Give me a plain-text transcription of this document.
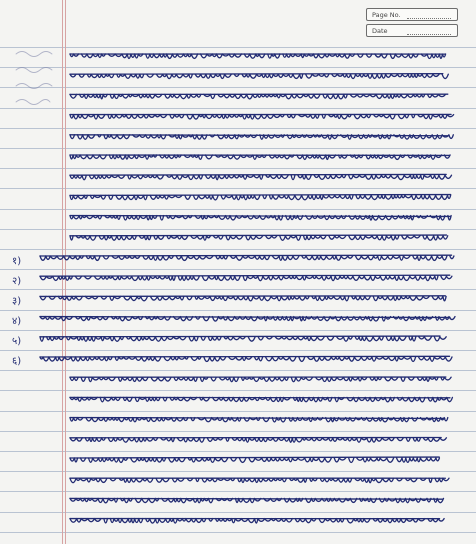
Page No.
Date
१)
२)
३)
४)
५)
६)
